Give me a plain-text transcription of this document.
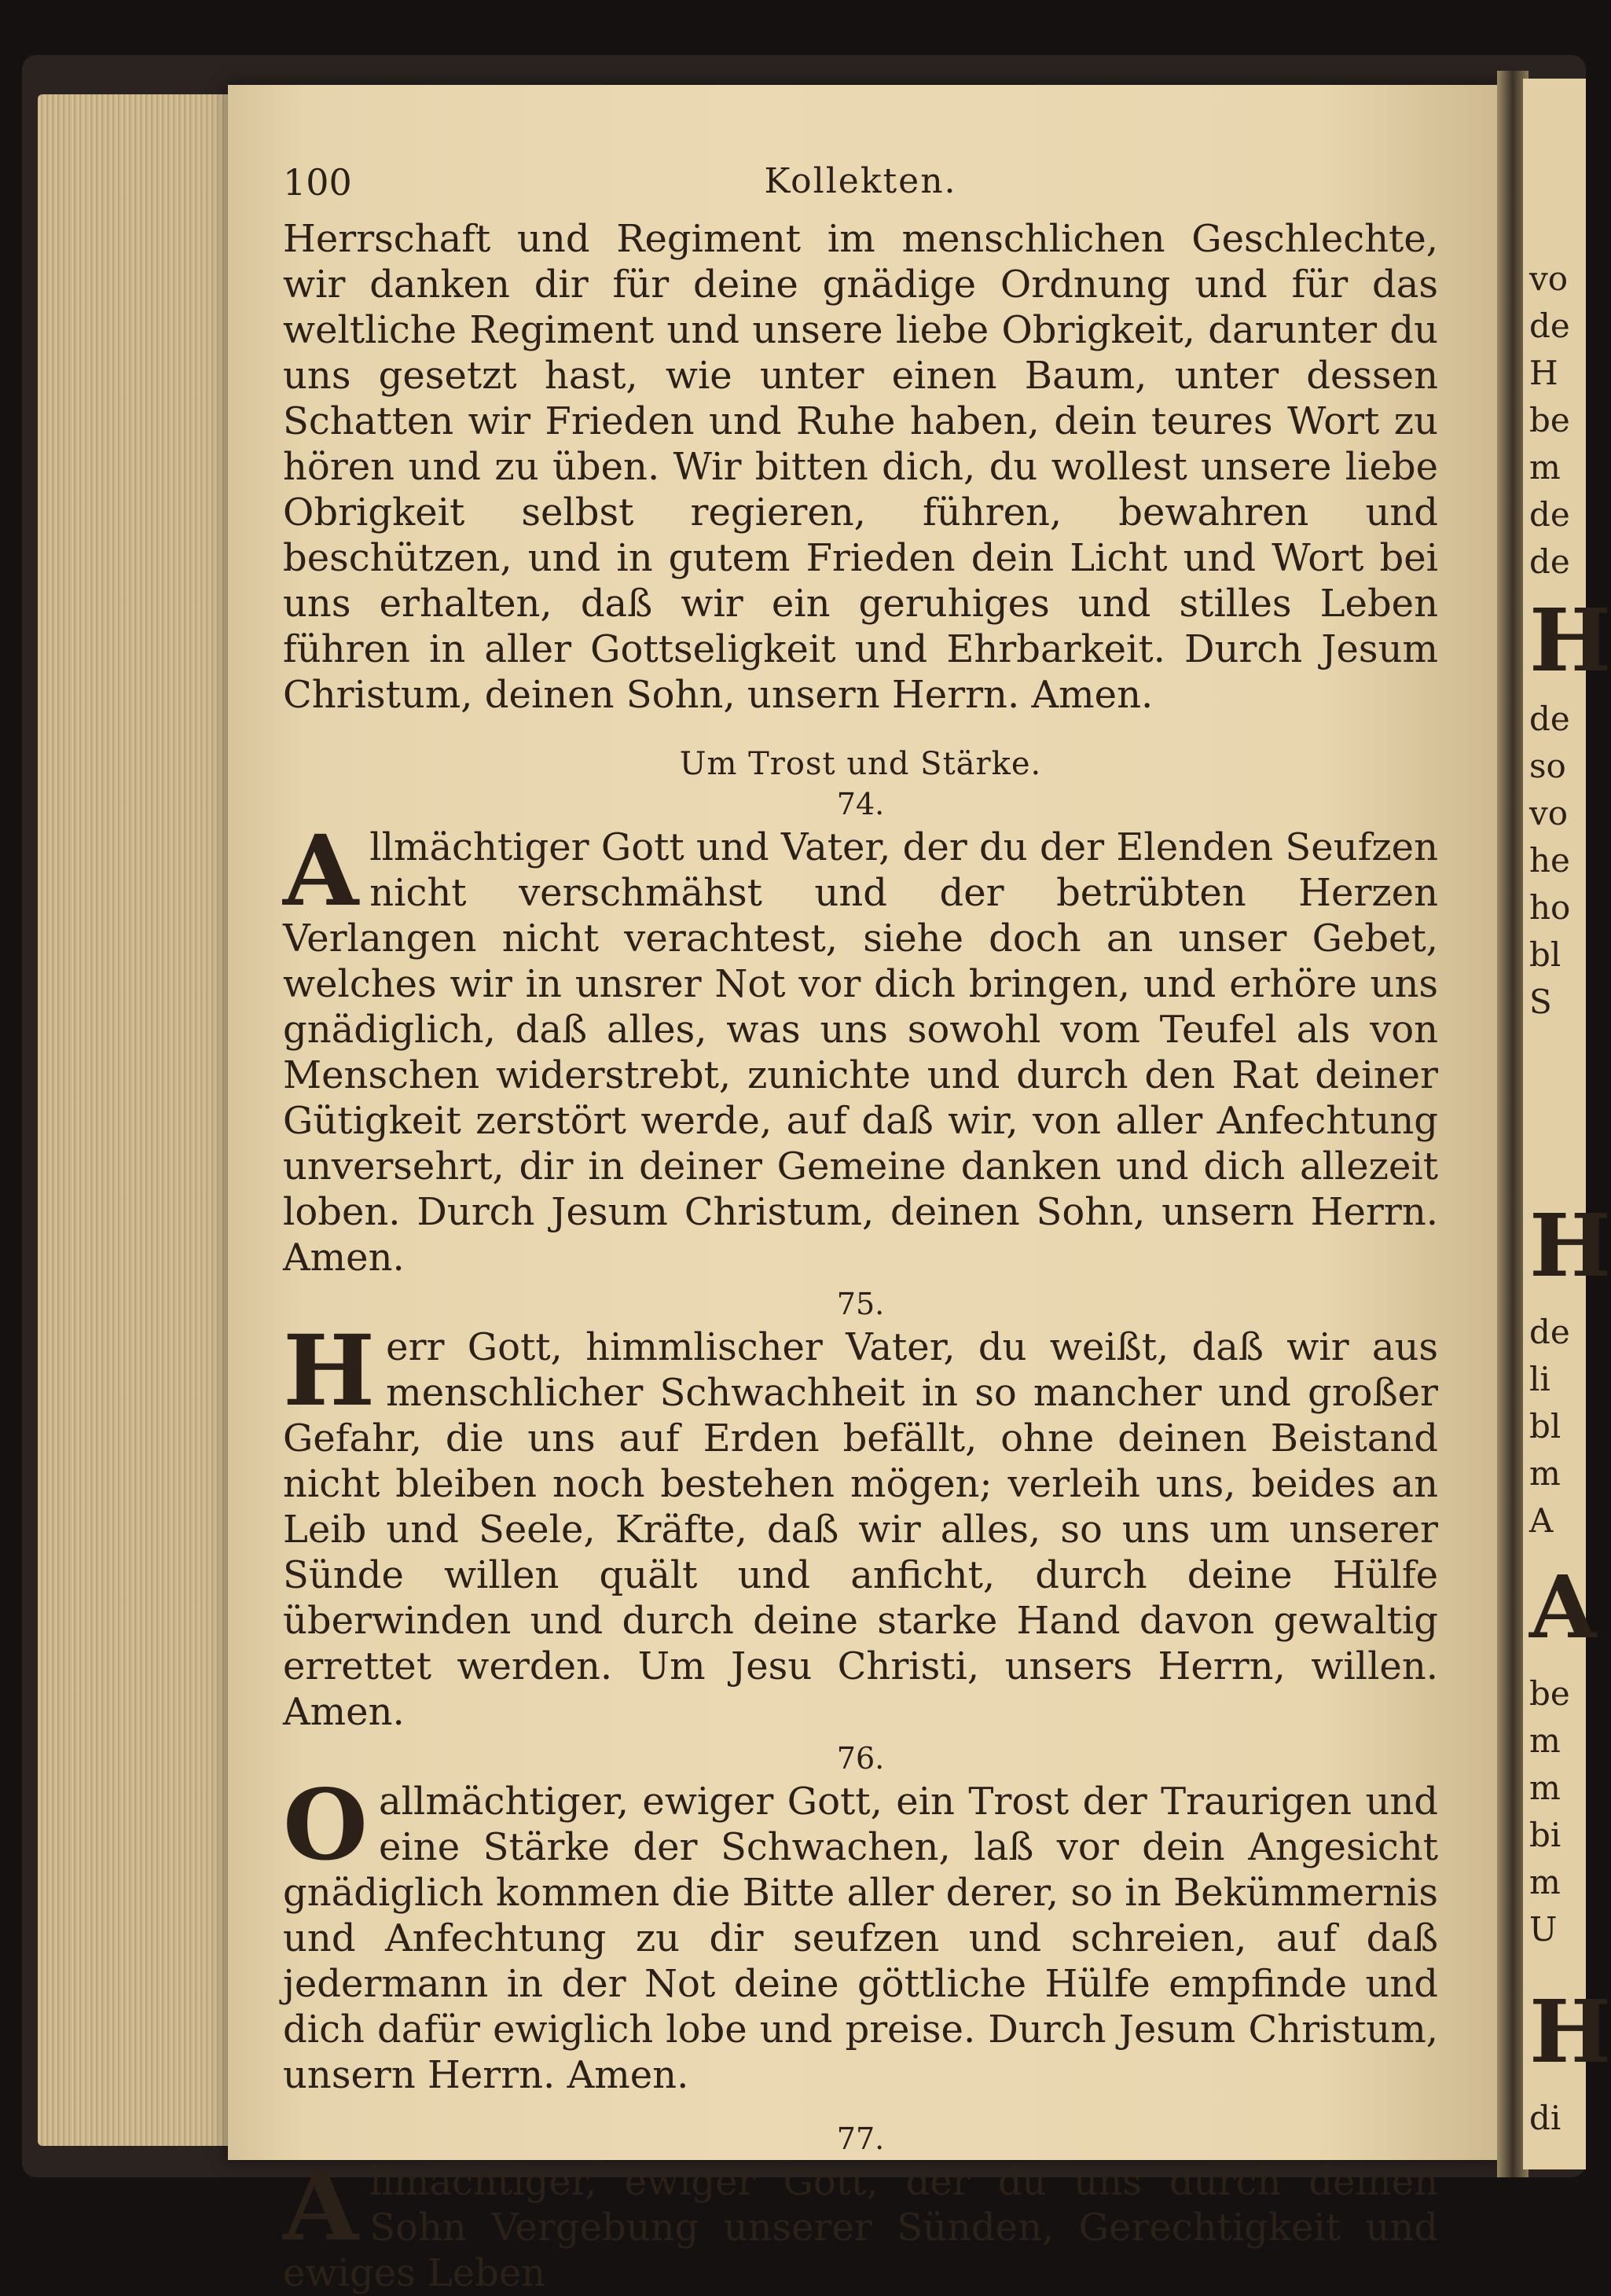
vo
de
H
be
m
de
de
H
de
so
vo
he
ho
bl
S
H
de
li
bl
m
A
A
be
m
m
bi
m
U
H
di
100	Kollekten.

Herrschaft und Regiment im menschlichen Geschlechte, wir danken dir für deine gnädige Ordnung und für das weltliche Regiment und unsere liebe Obrigkeit, darunter du uns gesetzt hast, wie unter einen Baum, unter dessen Schatten wir Frieden und Ruhe haben, dein teures Wort zu hören und zu üben. Wir bitten dich, du wollest unsere liebe Obrigkeit selbst regieren, führen, bewahren und beschützen, und in gutem Frieden dein Licht und Wort bei uns erhalten, daß wir ein geruhiges und stilles Leben führen in aller Gottseligkeit und Ehrbarkeit. Durch Jesum Christum, deinen Sohn, unsern Herrn. Amen.

Um Trost und Stärke.
74.

Allmächtiger Gott und Vater, der du der Elenden Seufzen nicht verschmähst und der betrübten Herzen Verlangen nicht verachtest, siehe doch an unser Gebet, welches wir in unsrer Not vor dich bringen, und erhöre uns gnädiglich, daß alles, was uns sowohl vom Teufel als von Menschen widerstrebt, zunichte und durch den Rat deiner Gütigkeit zerstört werde, auf daß wir, von aller Anfechtung unversehrt, dir in deiner Gemeine danken und dich allezeit loben. Durch Jesum Christum, deinen Sohn, unsern Herrn. Amen.

75.

Herr Gott, himmlischer Vater, du weißt, daß wir aus menschlicher Schwachheit in so mancher und großer Gefahr, die uns auf Erden befällt, ohne deinen Beistand nicht bleiben noch bestehen mögen; verleih uns, beides an Leib und Seele, Kräfte, daß wir alles, so uns um unserer Sünde willen quält und anficht, durch deine Hülfe überwinden und durch deine starke Hand davon gewaltig errettet werden. Um Jesu Christi, unsers Herrn, willen. Amen.

76.

Oallmächtiger, ewiger Gott, ein Trost der Traurigen und eine Stärke der Schwachen, laß vor dein Angesicht gnädiglich kommen die Bitte aller derer, so in Bekümmernis und Anfechtung zu dir seufzen und schreien, auf daß jedermann in der Not deine göttliche Hülfe empfinde und dich dafür ewiglich lobe und preise. Durch Jesum Christum, unsern Herrn. Amen.

77.

Allmächtiger, ewiger Gott, der du uns durch deinen Sohn Vergebung unserer Sünden, Gerechtigkeit und ewiges Leben
